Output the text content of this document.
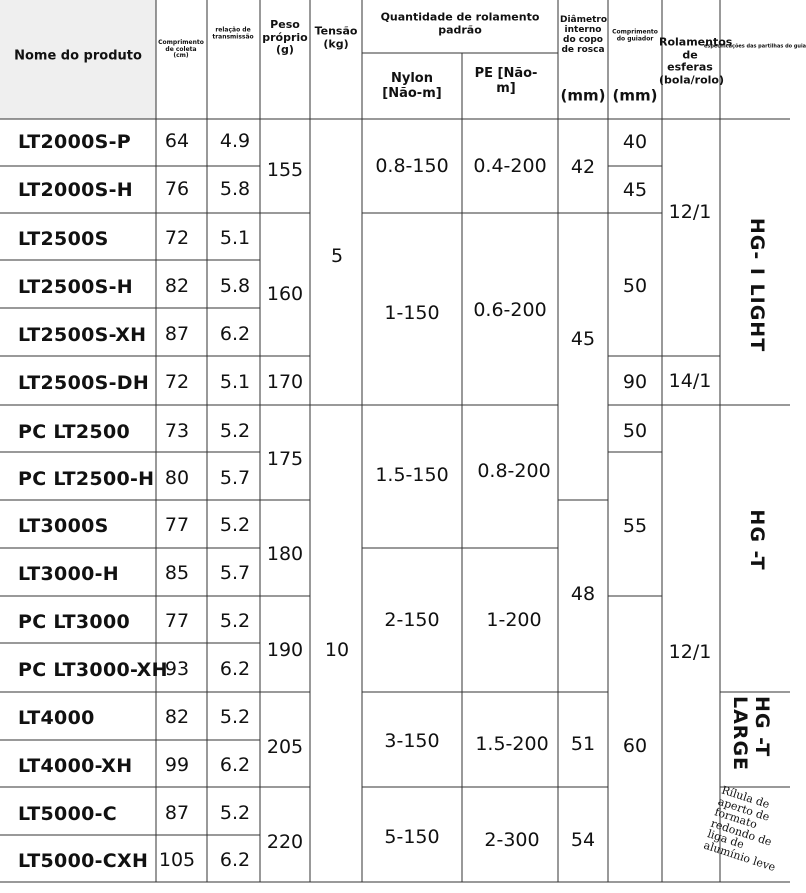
Nome do produto
Comprimento de coleta (cm)
relação de transmissão
Peso próprio (g)
Tensão (kg)
Quantidade de rolamento padrão
Nylon [Não-m]
PE [Não-m]
Diâmetro interno do copo de rosca
(mm)
Comprimento do guiador
(mm)
Rolamentos de esferas (bola/rolo)
especificações das partilhas do guia
LT2000S-P
LT2000S-H
LT2500S
LT2500S-H
LT2500S-XH
LT2500S-DH
PC LT2500
PC LT2500-H
LT3000S
LT3000-H
PC LT3000
PC LT3000-XH
LT4000
LT4000-XH
LT5000-C
LT5000-CXH
64
76
72
82
87
72
73
80
77
85
77
93
82
99
87
105
4.9
5.8
5.1
5.8
6.2
5.1
5.2
5.7
5.2
5.7
5.2
6.2
5.2
6.2
5.2
6.2
155
160
170
175
180
190
205
220
5
10
0.8-150
1-150
1.5-150
2-150
3-150
5-150
0.4-200
0.6-200
0.8-200
1-200
1.5-200
2-300
42
45
48
51
54
40
45
50
90
50
55
60
12/1
14/1
12/1
HG- I LIGHT
HG -T
HG -T LARGE
Rílula de aperto de formato redondo de liga de alumínio leve
